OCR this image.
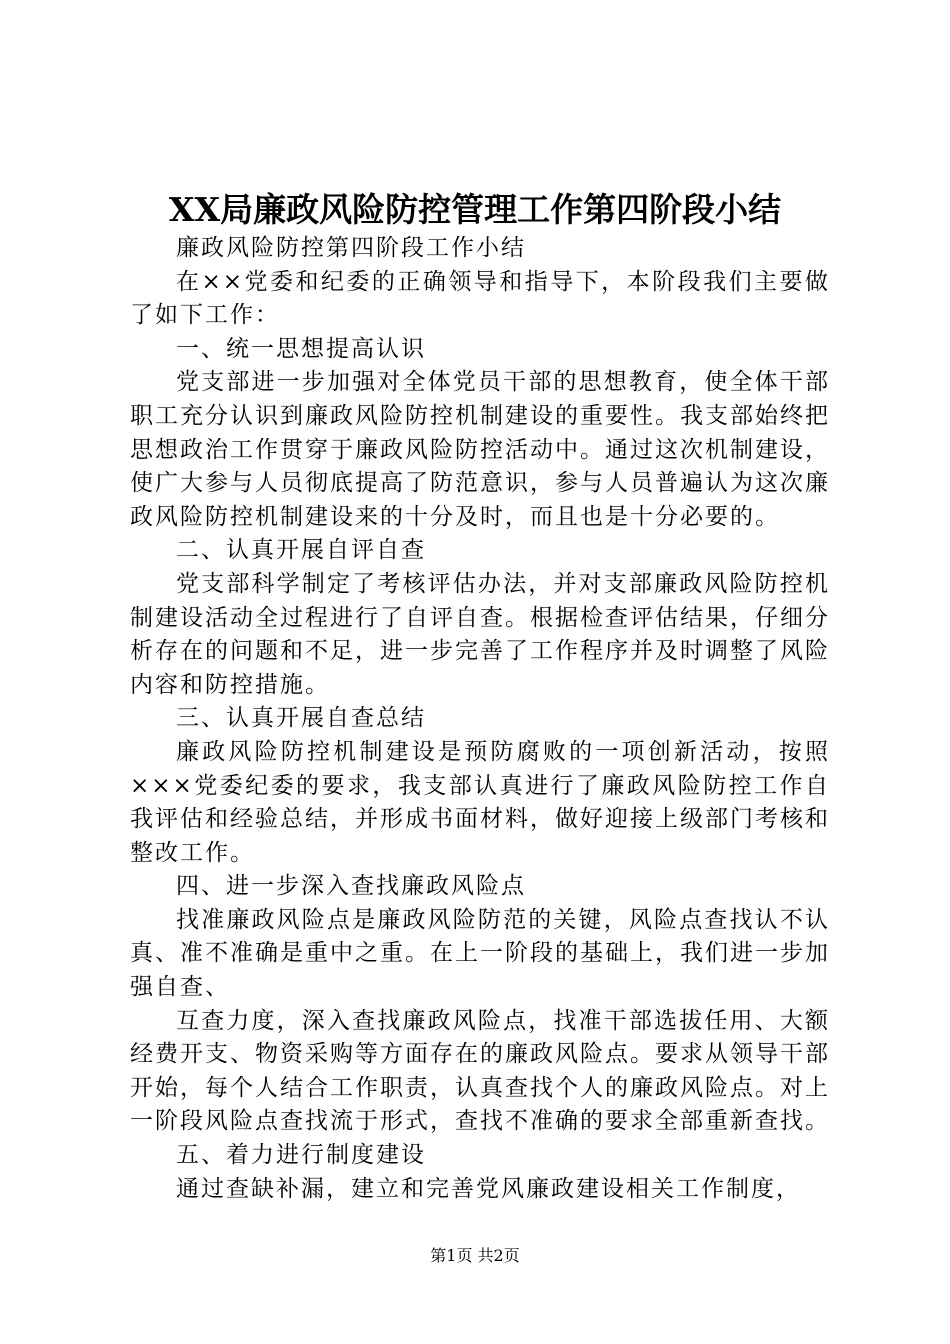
XX局廉政风险防控管理工作第四阶段小结

廉政风险防控第四阶段工作小结

在××党委和纪委的正确领导和指导下，本阶段我们主要做了如下工作：

一、统一思想提高认识

党支部进一步加强对全体党员干部的思想教育，使全体干部职工充分认识到廉政风险防控机制建设的重要性。我支部始终把思想政治工作贯穿于廉政风险防控活动中。通过这次机制建设，使广大参与人员彻底提高了防范意识，参与人员普遍认为这次廉政风险防控机制建设来的十分及时，而且也是十分必要的。

二、认真开展自评自查

党支部科学制定了考核评估办法，并对支部廉政风险防控机制建设活动全过程进行了自评自查。根据检查评估结果，仔细分析存在的问题和不足，进一步完善了工作程序并及时调整了风险内容和防控措施。

三、认真开展自查总结

廉政风险防控机制建设是预防腐败的一项创新活动，按照×××党委纪委的要求，我支部认真进行了廉政风险防控工作自我评估和经验总结，并形成书面材料，做好迎接上级部门考核和整改工作。

四、进一步深入查找廉政风险点

找准廉政风险点是廉政风险防范的关键，风险点查找认不认真、准不准确是重中之重。在上一阶段的基础上，我们进一步加强自查、

互查力度，深入查找廉政风险点，找准干部选拔任用、大额经费开支、物资采购等方面存在的廉政风险点。要求从领导干部开始，每个人结合工作职责，认真查找个人的廉政风险点。对上一阶段风险点查找流于形式，查找不准确的要求全部重新查找。

五、着力进行制度建设

通过查缺补漏，建立和完善党风廉政建设相关工作制度，

第1页 共2页
